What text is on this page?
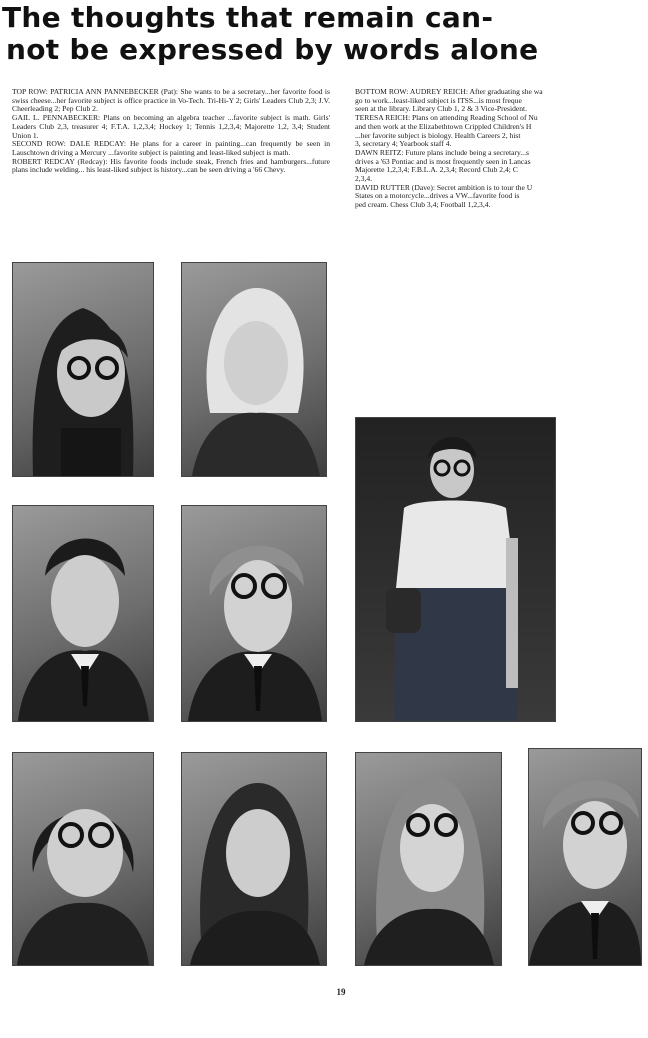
The thoughts that remain can-
not be expressed by words alone

TOP ROW: PATRICIA ANN PANNEBECKER (Pat): She wants to be a secretary...her favorite food is swiss cheese...her favorite subject is office practice in Vo-Tech. Tri-Hi-Y 2; Girls' Leaders Club 2,3; J.V. Cheerleading 2; Pep Club 2.

GAIL L. PENNABECKER: Plans on becoming an algebra teacher ...favorite subject is math. Girls' Leaders Club 2,3, treasurer 4; F.T.A. 1,2,3,4; Hockey 1; Tennis 1,2,3,4; Majorette 1,2, 3,4; Student Union 1.

SECOND ROW: DALE REDCAY: He plans for a career in painting...can frequently be seen in Lauschtown driving a Mercury ...favorite subject is painting and least-liked subject is math.

ROBERT REDCAY (Redcay): His favorite foods include steak, French fries and hamburgers...future plans include welding... his least-liked subject is history...can be seen driving a '66 Chevy.

BOTTOM ROW: AUDREY REICH: After graduating she wa

go to work...least-liked subject is ITSS...is most freque

seen at the library. Library Club 1, 2 & 3 Vice-President.

TERESA REICH: Plans on attending Reading School of Nu

and then work at the Elizabethtown Crippled Children's H

...her favorite subject is biology. Health Careers 2, hist

3, secretary 4; Yearbook staff 4.

DAWN REITZ: Future plans include being a secretary...s

drives a '63 Pontiac and is most frequently seen in Lancas

Majorette 1,2,3,4; F.B.L.A. 2,3,4; Record Club 2,4; C

2,3,4.

DAVID RUTTER (Dave): Secret ambition is to tour the U

States on a motorcycle...drives a VW...favorite food is

ped cream. Chess Club 3,4; Football 1,2,3,4.

19
